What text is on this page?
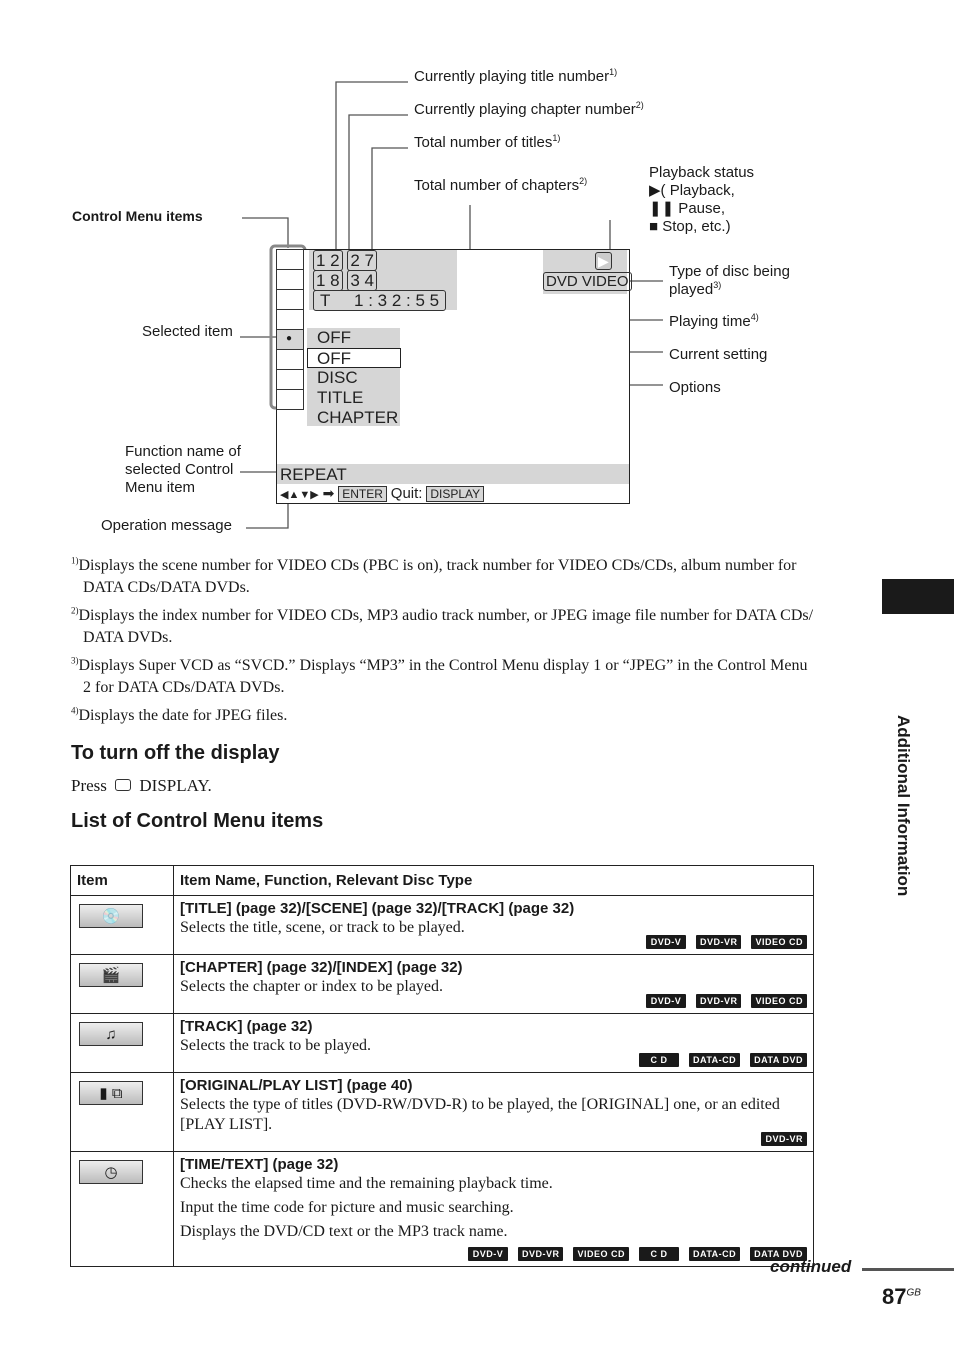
Currently playing title number$^{1)}$
Currently playing chapter number$^{2)}$
Total number of titles$^{1)}$
Total number of chapters$^{2)}$	Playback status
▶( Playback,
❚❚ Pause,
■ Stop, etc.)
Control Menu items
Type of disc being
played$^{3)}$
Playing time$^{4)}$
Selected item
Current setting
Options
Function name of
selected Control
Menu item
Operation message
1 2 2 7
1 8 3 4
T 1 : 3 2 : 5 5
▶
DVD VIDEO
OFF
OFF
DISC
TITLE
CHAPTER
REPEAT
◀▲▼▶ ➡ ENTER Quit: DISPLAY
●
$^{1)}$Displays the scene number for VIDEO CDs (PBC is on), track number for VIDEO CDs/CDs, album number for
DATA CDs/DATA DVDs.
$^{2)}$Displays the index number for VIDEO CDs, MP3 audio track number, or JPEG image file number for DATA CDs/
DATA DVDs.
$^{3)}$Displays Super VCD as “SVCD.” Displays “MP3” in the Control Menu display 1 or “JPEG” in the Control Menu
2 for DATA CDs/DATA DVDs.
$^{4)}$Displays the date for JPEG files.
To turn off the display
Press DISPLAY.
List of Control Menu items
Item	Item Name, Function, Relevant Disc Type

💿	[TITLE] (page 32)/[SCENE] (page 32)/[TRACK] (page 32)
Selects the title, scene, or track to be played.
DVD-V DVD-VR VIDEO CD

🎬	[CHAPTER] (page 32)/[INDEX] (page 32)
Selects the chapter or index to be played.
DVD-V DVD-VR VIDEO CD

♫	[TRACK] (page 32)
Selects the track to be played.
C D DATA-CD DATA DVD

▮ ⧉	[ORIGINAL/PLAY LIST] (page 40)
Selects the type of titles (DVD-RW/DVD-R) to be played, the [ORIGINAL] one, or an edited [PLAY LIST].
DVD-VR

◷	[TIME/TEXT] (page 32)
Checks the elapsed time and the remaining playback time.
Input the time code for picture and music searching.
Displays the DVD/CD text or the MP3 track name.
DVD-V DVD-VR VIDEO CD C D DATA-CD DATA DVD
Additional Information
continued
$87^{GB}$
